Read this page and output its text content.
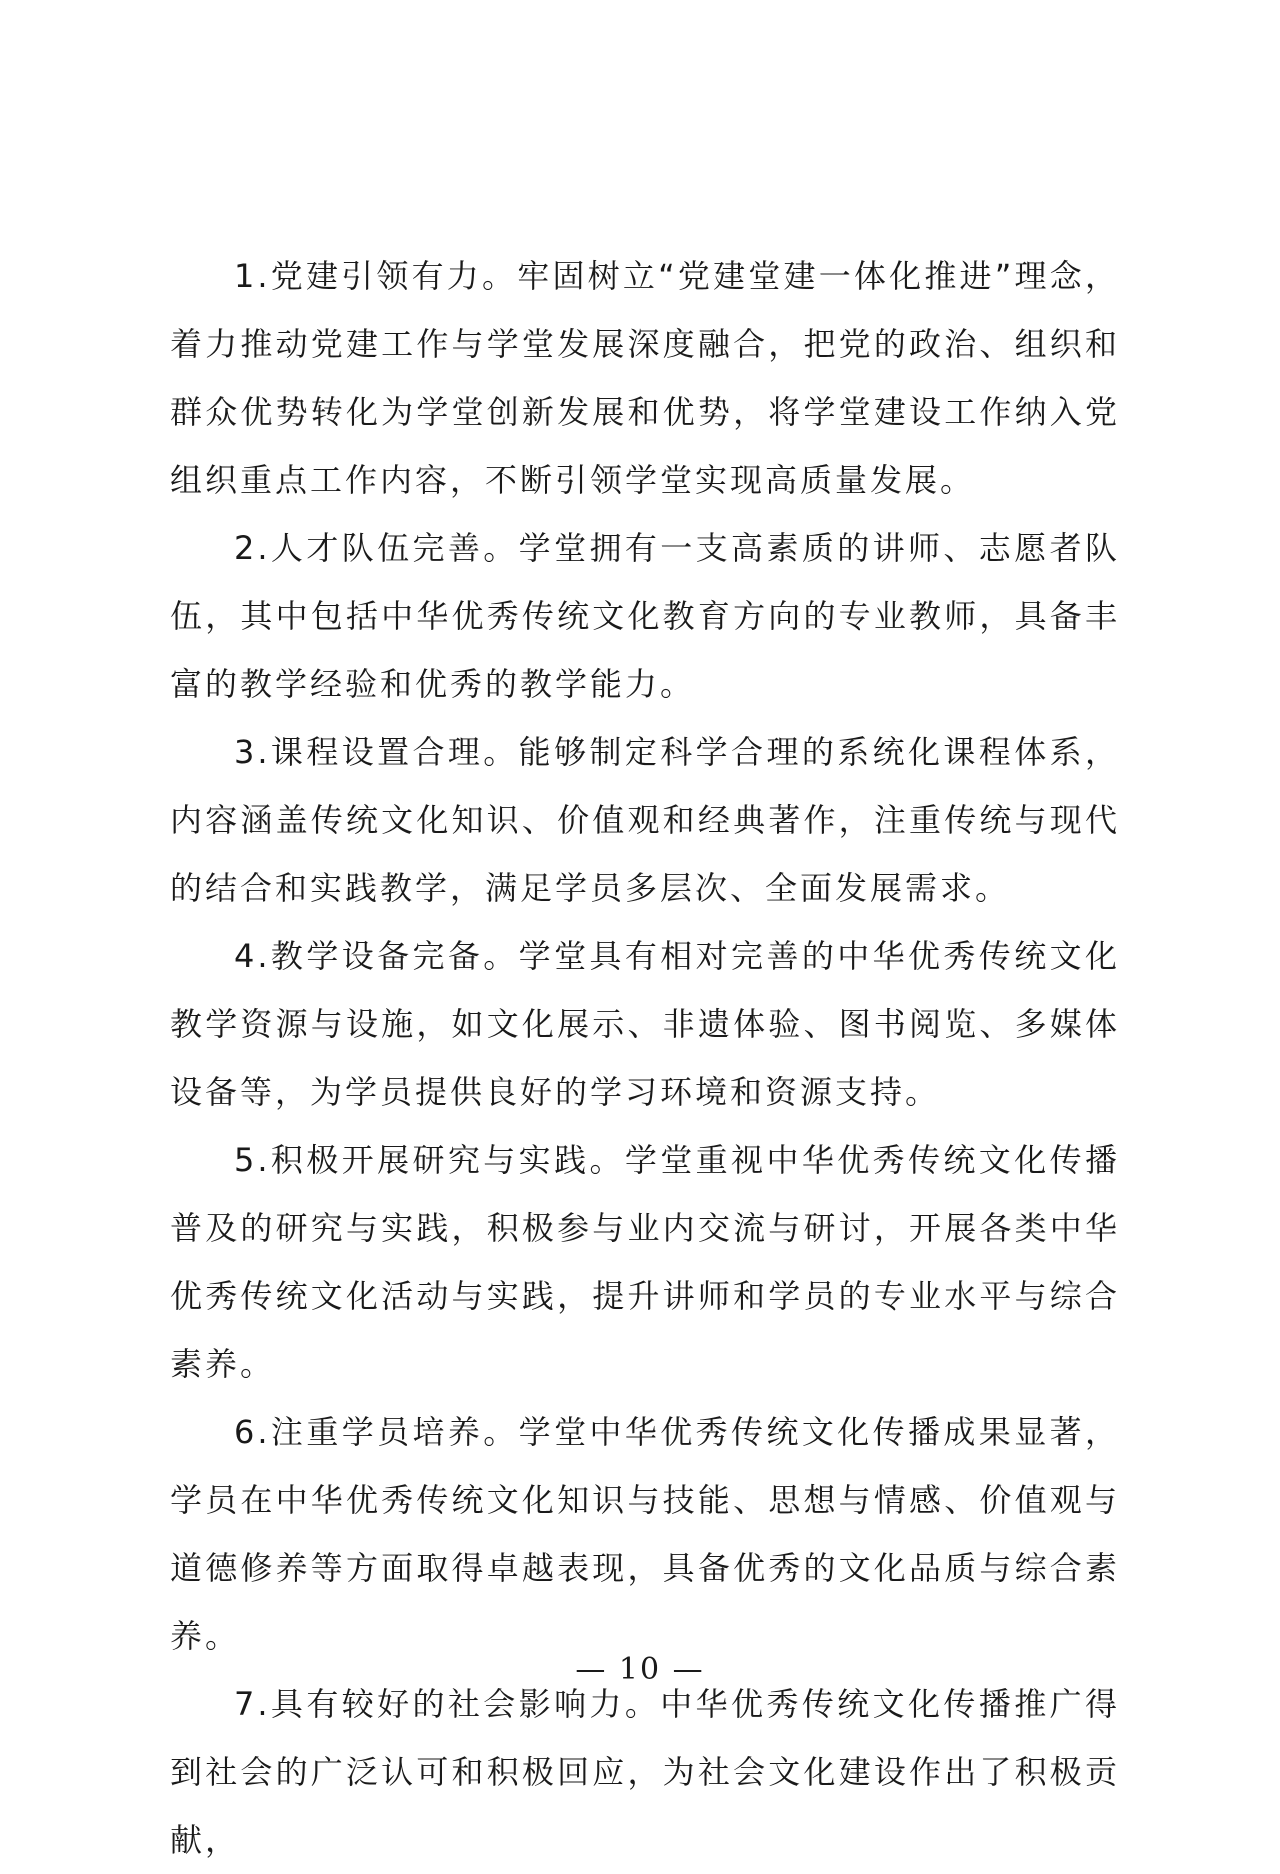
1.党建引领有力。牢固树立“党建堂建一体化推进”理念，着力推动党建工作与学堂发展深度融合，把党的政治、组织和群众优势转化为学堂创新发展和优势，将学堂建设工作纳入党组织重点工作内容，不断引领学堂实现高质量发展。

2.人才队伍完善。学堂拥有一支高素质的讲师、志愿者队伍，其中包括中华优秀传统文化教育方向的专业教师，具备丰富的教学经验和优秀的教学能力。

3.课程设置合理。能够制定科学合理的系统化课程体系，内容涵盖传统文化知识、价值观和经典著作，注重传统与现代的结合和实践教学，满足学员多层次、全面发展需求。

4.教学设备完备。学堂具有相对完善的中华优秀传统文化教学资源与设施，如文化展示、非遗体验、图书阅览、多媒体设备等，为学员提供良好的学习环境和资源支持。

5.积极开展研究与实践。学堂重视中华优秀传统文化传播普及的研究与实践，积极参与业内交流与研讨，开展各类中华优秀传统文化活动与实践，提升讲师和学员的专业水平与综合素养。

6.注重学员培养。学堂中华优秀传统文化传播成果显著，学员在中华优秀传统文化知识与技能、思想与情感、价值观与道德修养等方面取得卓越表现，具备优秀的文化品质与综合素养。

7.具有较好的社会影响力。中华优秀传统文化传播推广得到社会的广泛认可和积极回应，为社会文化建设作出了积极贡献，

— 10 —
